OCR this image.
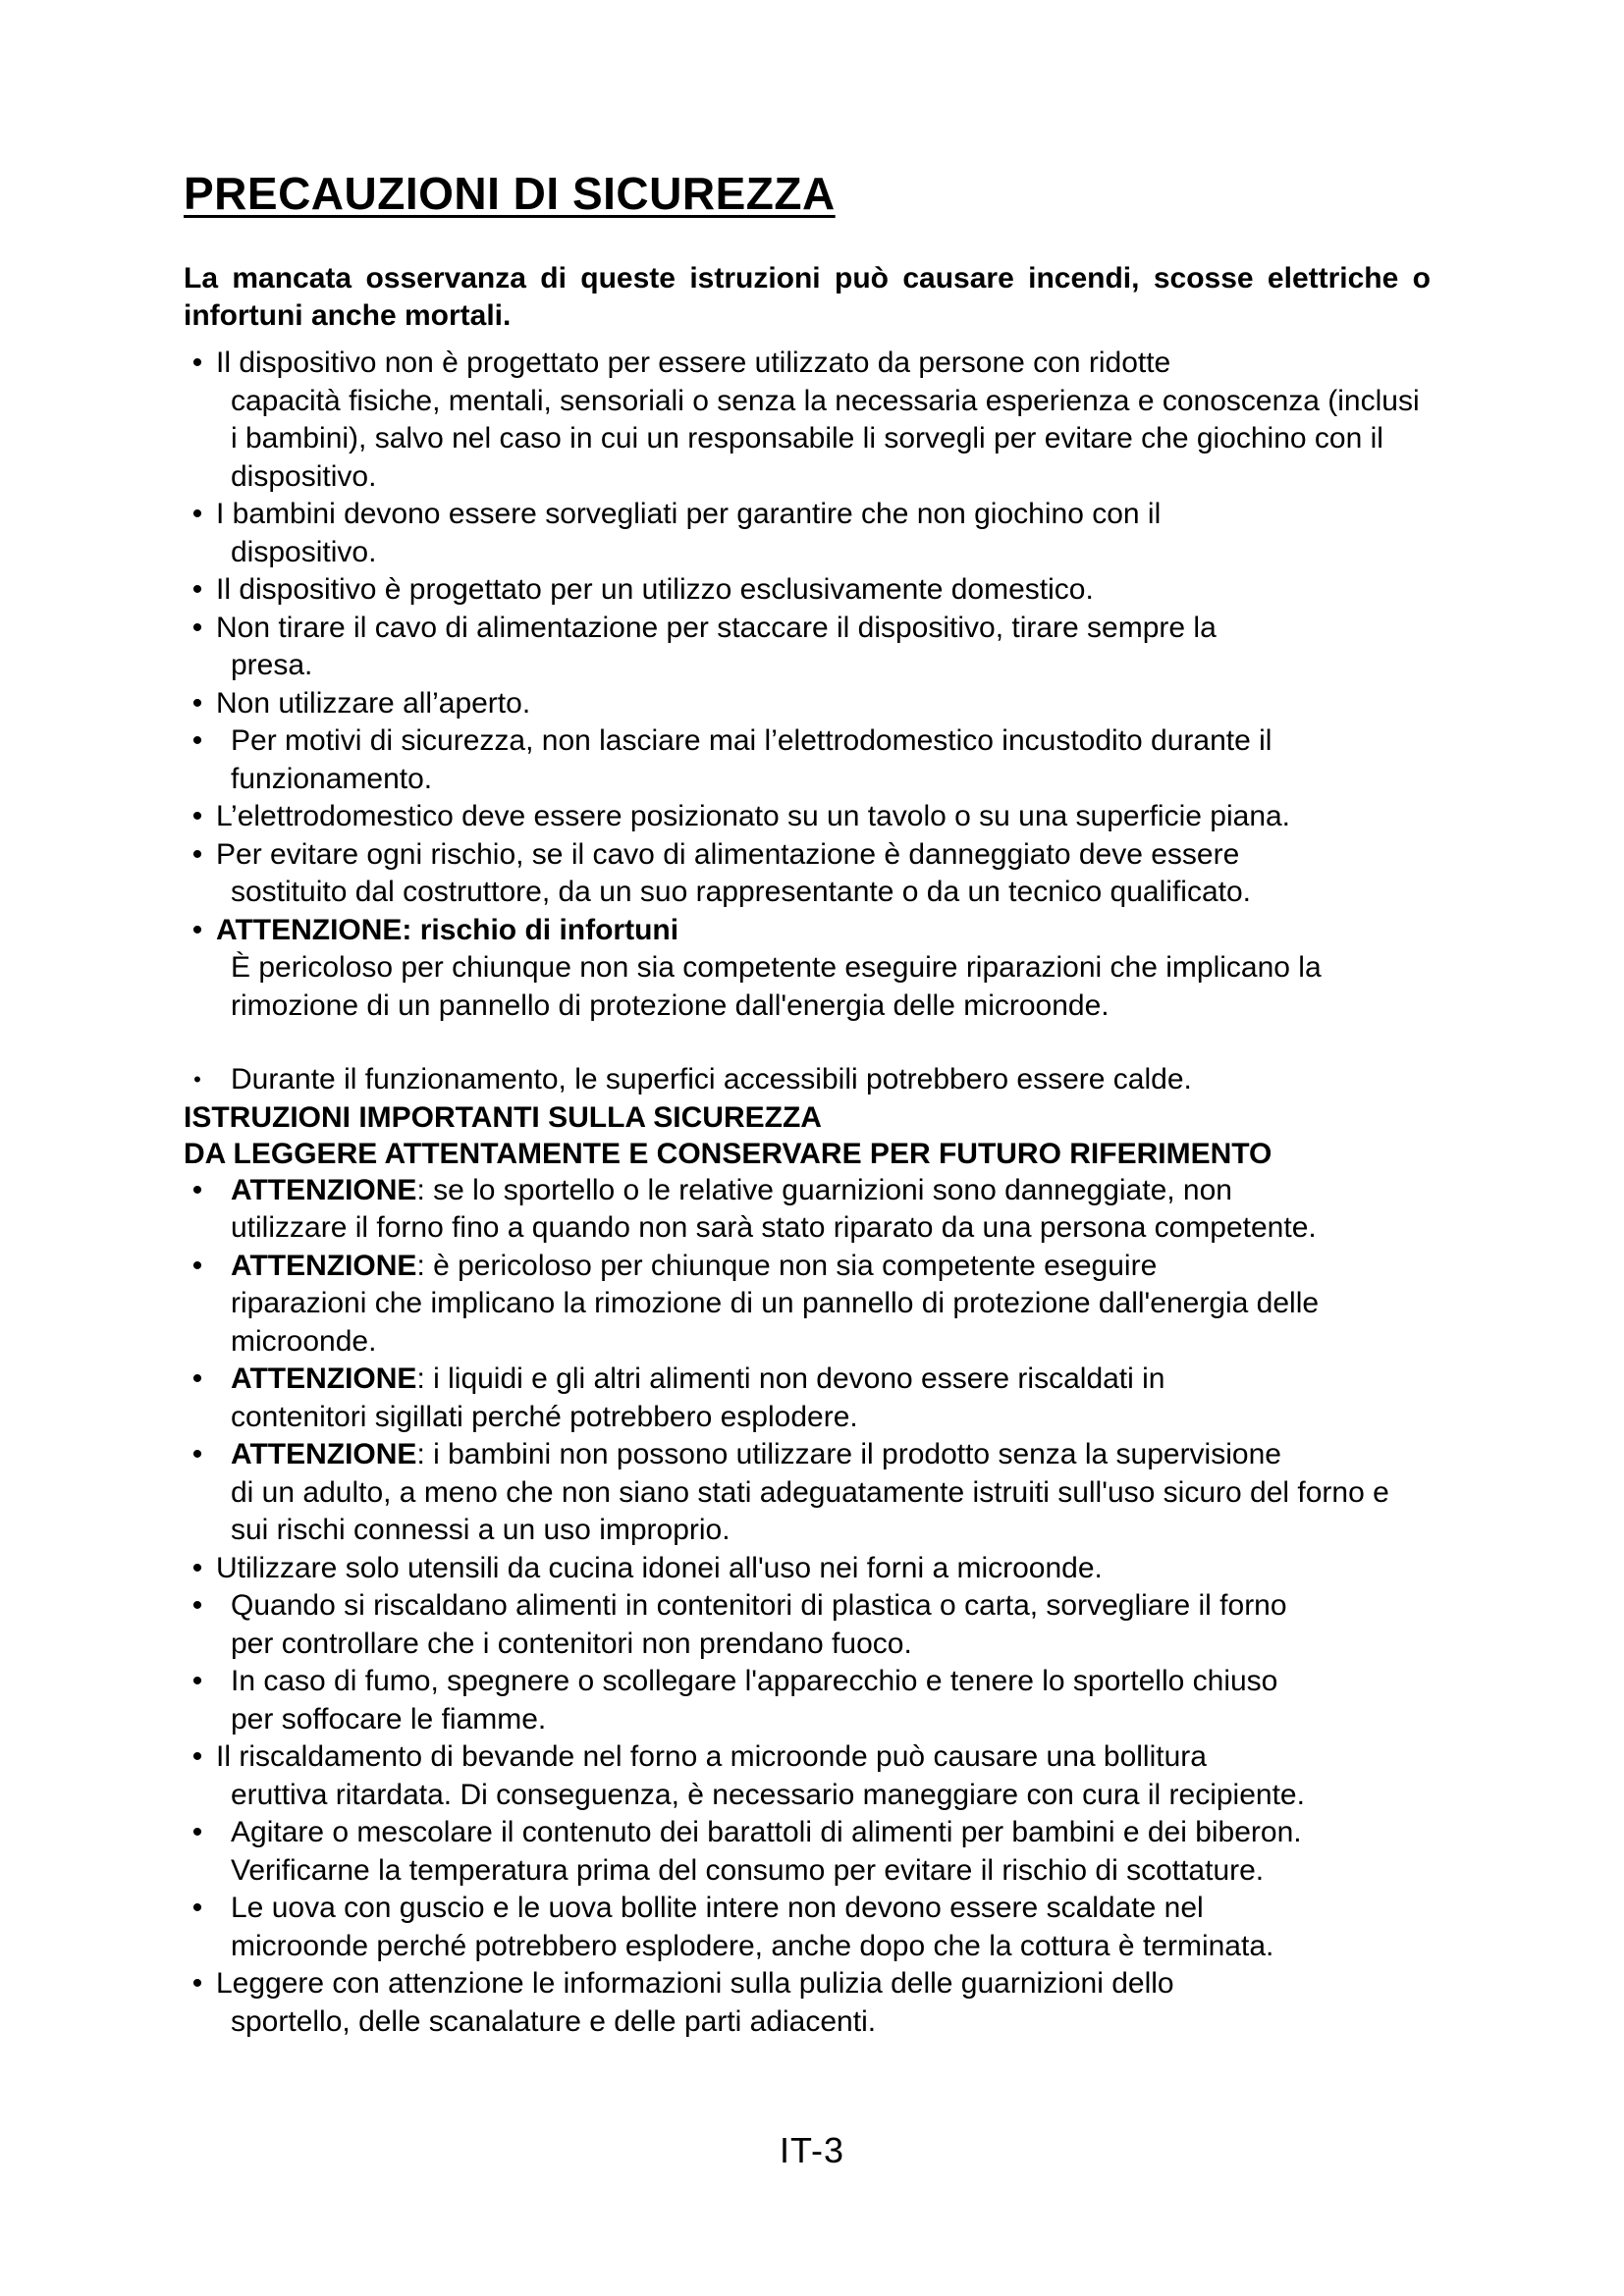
PRECAUZIONI DI SICUREZZA

La mancata osservanza di queste istruzioni può causare incendi, scosse elettriche o infortuni anche mortali.

• Il dispositivo non è progettato per essere utilizzato da persone con ridotte
capacità fisiche, mentali, sensoriali o senza la necessaria esperienza e conoscenza (inclusi i bambini), salvo nel caso in cui un responsabile li sorvegli per evitare che giochino con il dispositivo.
• I bambini devono essere sorvegliati per garantire che non giochino con il
dispositivo.
• Il dispositivo è progettato per un utilizzo esclusivamente domestico.
• Non tirare il cavo di alimentazione per staccare il dispositivo, tirare sempre la
presa.
• Non utilizzare all’aperto.
• Per motivi di sicurezza, non lasciare mai l’elettrodomestico incustodito durante il
funzionamento.
• L’elettrodomestico deve essere posizionato su un tavolo o su una superficie piana.
• Per evitare ogni rischio, se il cavo di alimentazione è danneggiato deve essere
sostituito dal costruttore, da un suo rappresentante o da un tecnico qualificato.
• ATTENZIONE: rischio di infortuni
È pericoloso per chiunque non sia competente eseguire riparazioni che implicano la rimozione di un pannello di protezione dall'energia delle microonde.
• Durante il funzionamento, le superfici accessibili potrebbero essere calde.
ISTRUZIONI IMPORTANTI SULLA SICUREZZA
DA LEGGERE ATTENTAMENTE E CONSERVARE PER FUTURO RIFERIMENTO
• ATTENZIONE: se lo sportello o le relative guarnizioni sono danneggiate, non
utilizzare il forno fino a quando non sarà stato riparato da una persona competente.
• ATTENZIONE: è pericoloso per chiunque non sia competente eseguire
riparazioni che implicano la rimozione di un pannello di protezione dall'energia delle microonde.
• ATTENZIONE: i liquidi e gli altri alimenti non devono essere riscaldati in
contenitori sigillati perché potrebbero esplodere.
• ATTENZIONE: i bambini non possono utilizzare il prodotto senza la supervisione
di un adulto, a meno che non siano stati adeguatamente istruiti sull'uso sicuro del forno e sui rischi connessi a un uso improprio.
• Utilizzare solo utensili da cucina idonei all'uso nei forni a microonde.
• Quando si riscaldano alimenti in contenitori di plastica o carta, sorvegliare il forno
per controllare che i contenitori non prendano fuoco.
• In caso di fumo, spegnere o scollegare l'apparecchio e tenere lo sportello chiuso
per soffocare le fiamme.
• Il riscaldamento di bevande nel forno a microonde può causare una bollitura
eruttiva ritardata. Di conseguenza, è necessario maneggiare con cura il recipiente.
• Agitare o mescolare il contenuto dei barattoli di alimenti per bambini e dei biberon.
Verificarne la temperatura prima del consumo per evitare il rischio di scottature.
• Le uova con guscio e le uova bollite intere non devono essere scaldate nel
microonde perché potrebbero esplodere, anche dopo che la cottura è terminata.
• Leggere con attenzione le informazioni sulla pulizia delle guarnizioni dello
sportello, delle scanalature e delle parti adiacenti.
IT-3
